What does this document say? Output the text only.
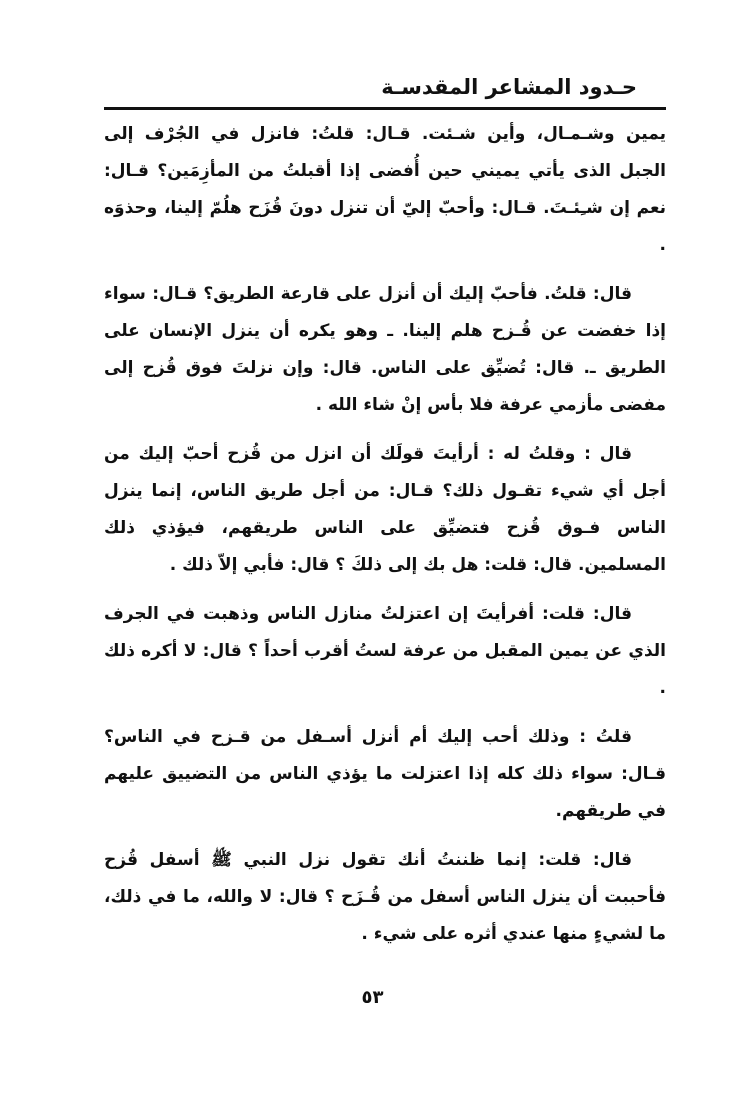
حـدود المشاعر المقدسـة

يمين وشـمـال، وأين شـئت. قـال: قلتُ: فانزل في الجُرْف إلى الجبل الذى يأتي يميني حين أُفضى إذا أقبلتُ من المأزِمَين؟ قـال: نعم إن شـِئـتَ. قـال: وأحبّ إليّ أن تنزل دونَ قُزَح هلُمّ إلينا، وحذوَه .

قال: قلتُ. فأحبّ إليك أن أنزل على قارعة الطريق؟ قـال: سواء إذا خفضت عن قُـزح هلم إلينا. ـ وهو يكره أن ينزل الإنسان على الطريق ـ. قال: تُضيِّق على الناس. قال: وإن نزلتَ فوق قُزح إلى مفضى مأزمي عرفة فلا بأس إنْ شاء الله .

قال : وقلتُ له : أرأيتَ قولَك أن انزل من قُزح أحبّ إليك من أجل أي شيء تقـول ذلك؟ قـال: من أجل طريق الناس، إنما ينزل الناس فـوق قُزح فتضيِّق على الناس طريقهم، فيؤذي ذلك المسلمين. قال: قلت: هل بك إلى ذلكَ ؟ قال: فأبي إلاّ ذلك .

قال: قلت: أفرأيتَ إن اعتزلتُ منازل الناس وذهبت في الجرف الذي عن يمين المقبل من عرفة لستُ أقرب أحداً ؟ قال: لا أكره ذلك .

قلتُ : وذلك أحب إليك أم أنزل أسـفل من قـزح في الناس؟ قـال: سواء ذلك كله إذا اعتزلت ما يؤذي الناس من التضييق عليهم في طريقهم.

قال: قلت: إنما ظننتُ أنك تقول نزل النبي ﷺ أسفل قُزح فأحببت أن ينزل الناس أسفل من قُـزَح ؟ قال: لا والله، ما في ذلك، ما لشيءٍ منها عندي أثره على شيء .

٥٣
